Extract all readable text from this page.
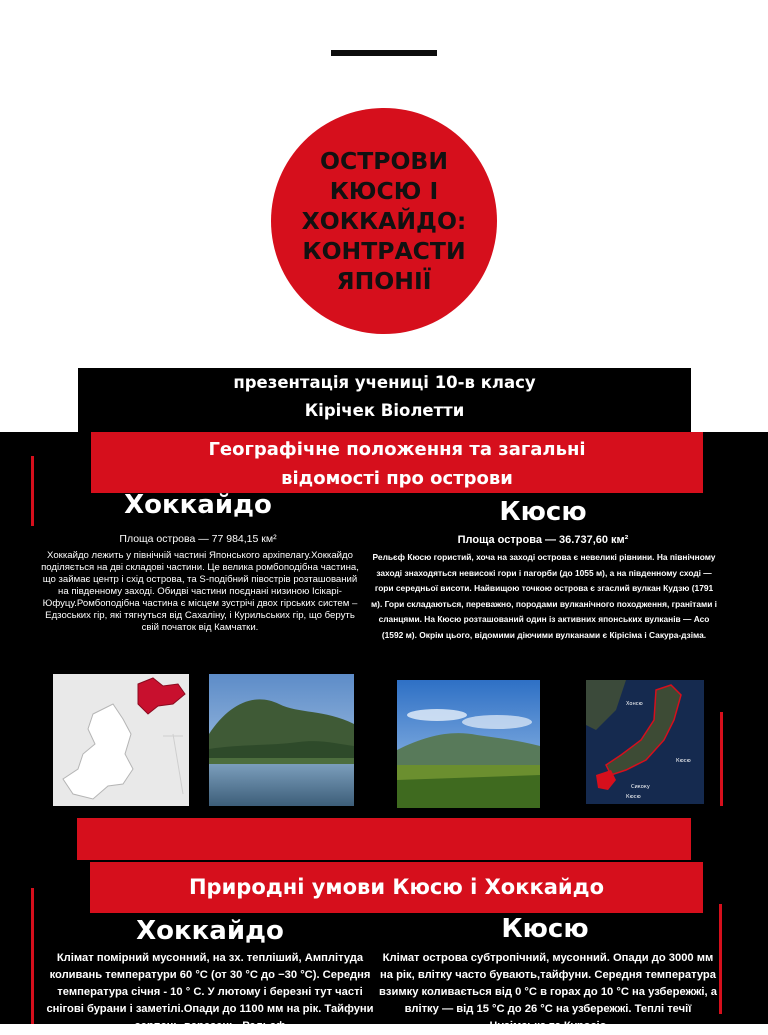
ОСТРОВИ КЮСЮ І ХОККАЙДО: КОНТРАСТИ ЯПОНІЇ
презентація учениці 10-в класу
Кірічек Віолетти
Географічне положення та загальні
відомості про острови
Хоккайдо
Площа острова — 77 984,15 км²
Хоккайдо лежить у північній частині Японського архіпелагу.Хоккайдо поділяється на дві складові частини. Це велика ромбоподібна частина, що займає центр і схід острова, та S-подібний півострів розташований на південному заході. Обидві частини поєднані низиною Ісікарі-Юфуцу.Ромбоподібна частина є місцем зустрічі двох гірських систем – Едзоських гір, які тягнуться від Сахаліну, і Курильських гір, що беруть свій початок від Камчатки.
Кюсю
Площа острова — 36.737,60 км²
Рельєф Кюсю гористий, хоча на заході острова є невеликі рівнини. На північному заході знаходяться невисокі гори і пагорби (до 1055 м), а на південному сході — гори середньої висоти. Найвищою точкою острова є згаслий вулкан Кудзю (1791 м). Гори складаються, переважно, породами вулканічного походження, гранітами і сланцями. На Кюсю розташований один із активних японських вулканів — Асо (1592 м). Окрім цього, відомими діючими вулканами є Кірісіма і Сакура-дзіма.
Хонсю
Кюсю
Сикоку
Кюсю
Природні умови Кюсю і Хоккайдо
Хоккайдо
Клімат помірний мусонний, на зх. тепліший, Амплітуда коливань температури 60 °C (от 30 °C до −30 °C). Середня температура січня - 10 ° С. У лютому і березні тут часті снігові бурани і заметілі.Опади до 1100 мм на рік. Тайфуни серпень-вересень. Рельєф
Кюсю
Клімат острова субтропічний, мусонний. Опади до 3000 мм на рік, влітку часто бувають,тайфуни. Середня температура взимку коливається від 0 °C в горах до 10 °C на узбережжі, а влітку — від 15 °C до 26 °C на узбережжі. Теплі течії Цусімська та Куросіо
